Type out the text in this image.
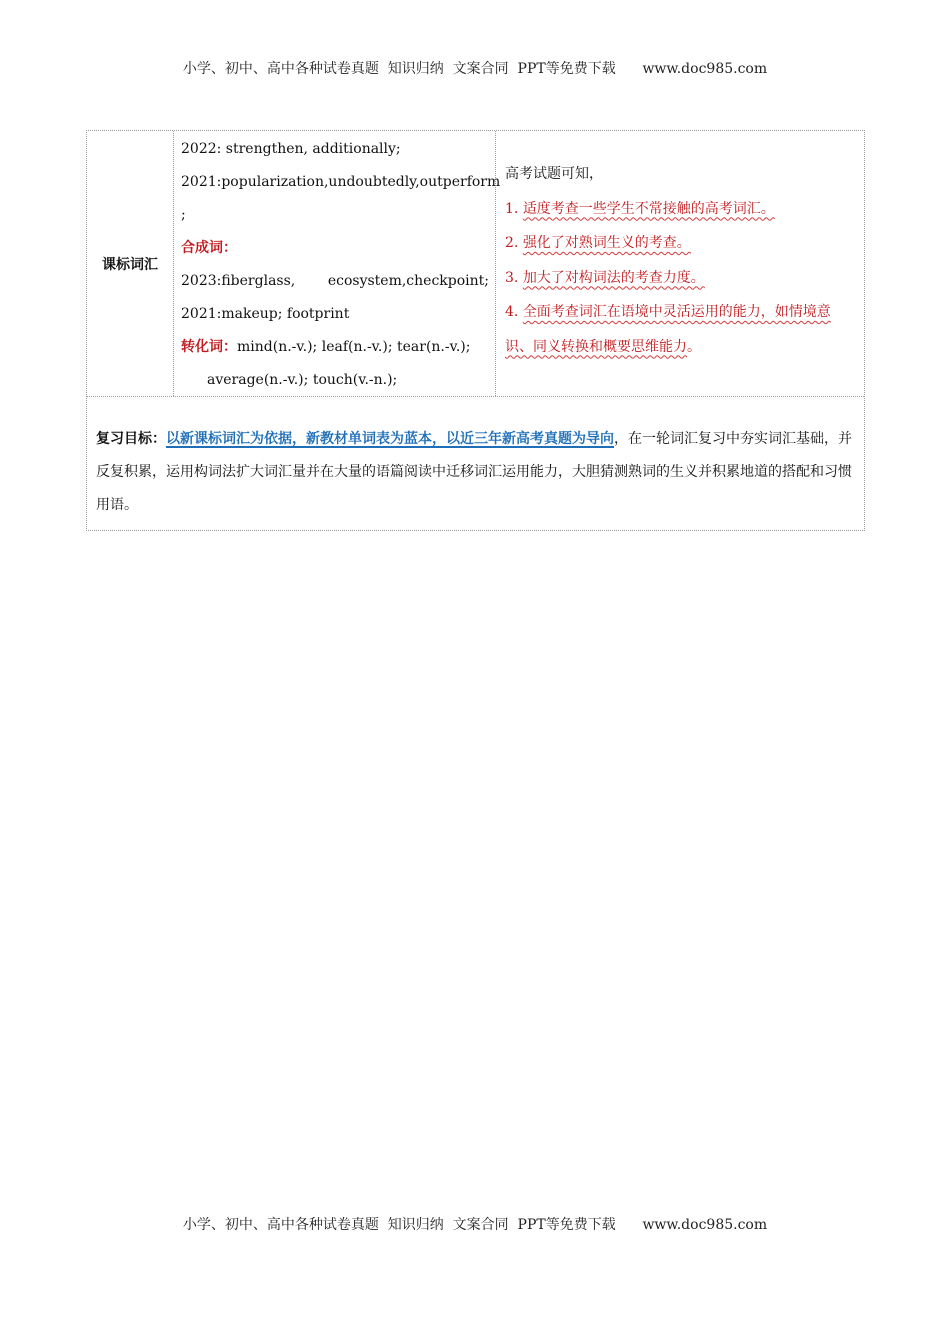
小学、初中、高中各种试卷真题  知识归纳  文案合同  PPT等免费下载      www.doc985.com
课标词汇
2022: strengthen, additionally;
2021:popularization,undoubtedly,outperform
;
合成词：
2023:fiberglass, ecosystem,checkpoint;
2021:makeup; footprint
转化词：mind(n.-v.); leaf(n.-v.); tear(n.-v.);
average(n.-v.); touch(v.-n.);
高考试题可知，
1. 适度考查一些学生不常接触的高考词汇。
2. 强化了对熟词生义的考查。
3. 加大了对构词法的考查力度。
4. 全面考查词汇在语境中灵活运用的能力，如情境意识、同义转换和概要思维能力。
复习目标：以新课标词汇为依据，新教材单词表为蓝本，以近三年新高考真题为导向，在一轮词汇复习中夯实词汇基础，并反复积累，运用构词法扩大词汇量并在大量的语篇阅读中迁移词汇运用能力，大胆猜测熟词的生义并积累地道的搭配和习惯用语。
小学、初中、高中各种试卷真题  知识归纳  文案合同  PPT等免费下载      www.doc985.com
